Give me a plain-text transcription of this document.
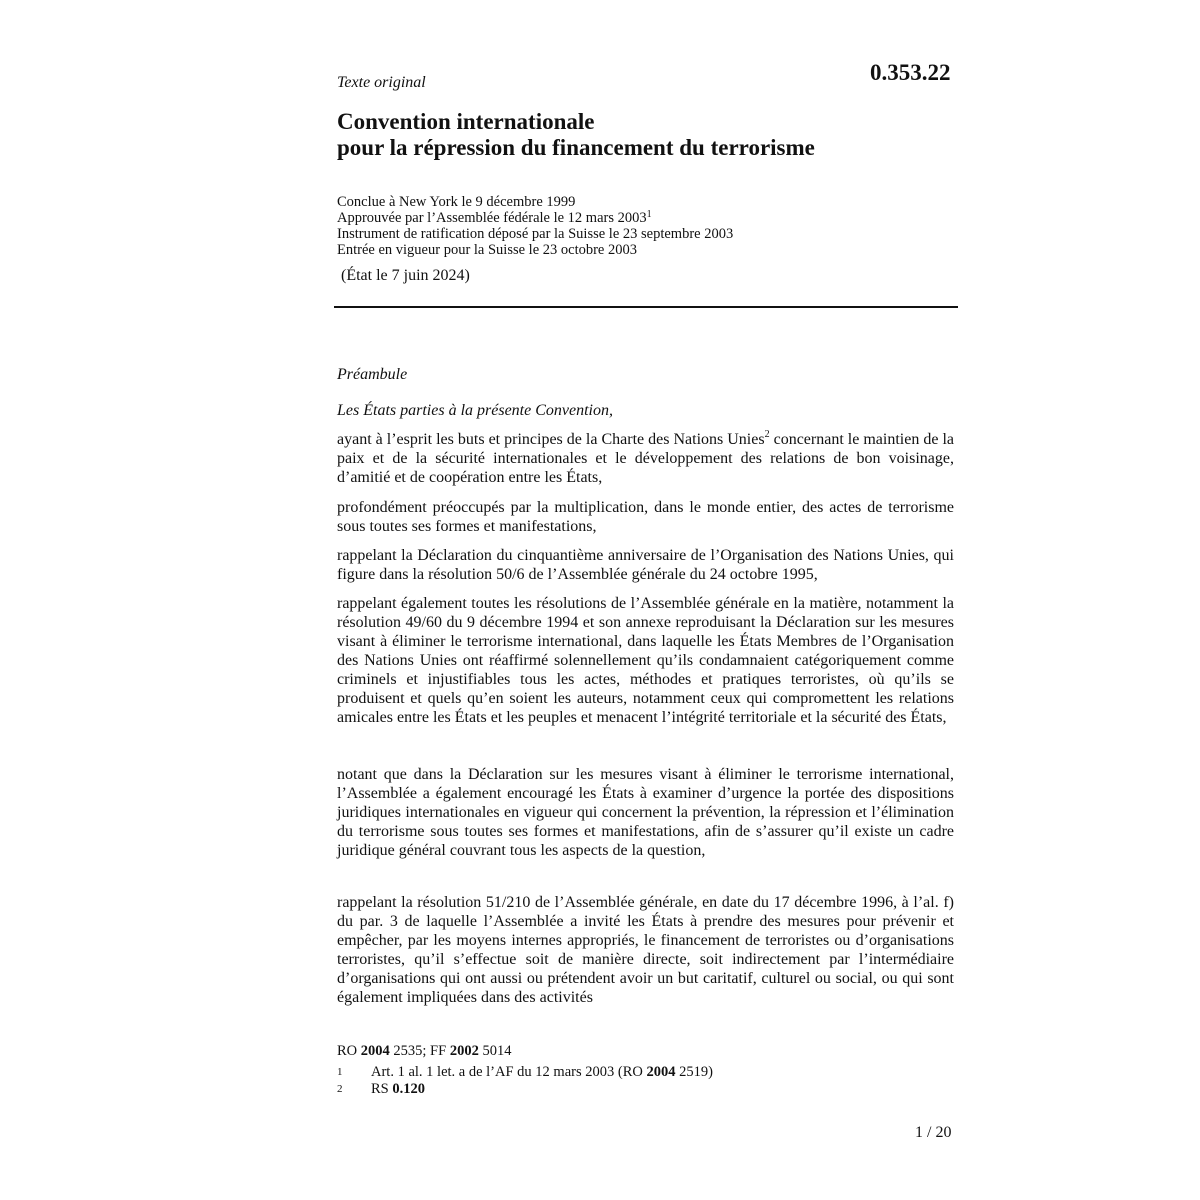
0.353.22
Texte original
Convention internationale
pour la répression du financement du terrorisme
Conclue à New York le 9 décembre 1999
Approuvée par l’Assemblée fédérale le 12 mars 2003$^1$
Instrument de ratification déposé par la Suisse le 23 septembre 2003
Entrée en vigueur pour la Suisse le 23 octobre 2003
(État le 7 juin 2024)
Préambule
Les États parties à la présente Convention,
ayant à l’esprit les buts et principes de la Charte des Nations Unies$^2$ concernant le maintien de la paix et de la sécurité internationales et le développement des relations de bon voisinage, d’amitié et de coopération entre les États,
profondément préoccupés par la multiplication, dans le monde entier, des actes de terrorisme sous toutes ses formes et manifestations,
rappelant la Déclaration du cinquantième anniversaire de l’Organisation des Nations Unies, qui figure dans la résolution 50/6 de l’Assemblée générale du 24 octobre 1995,
rappelant également toutes les résolutions de l’Assemblée générale en la matière, notamment la résolution 49/60 du 9 décembre 1994 et son annexe reproduisant la Déclaration sur les mesures visant à éliminer le terrorisme international, dans laquelle les États Membres de l’Organisation des Nations Unies ont réaffirmé solennellement qu’ils condamnaient catégoriquement comme criminels et injustifiables tous les actes, méthodes et pratiques terroristes, où qu’ils se produisent et quels qu’en soient les auteurs, notamment ceux qui compromettent les relations amicales entre les États et les peuples et menacent l’intégrité territoriale et la sécurité des États,
notant que dans la Déclaration sur les mesures visant à éliminer le terrorisme international, l’Assemblée a également encouragé les États à examiner d’urgence la portée des dispositions juridiques internationales en vigueur qui concernent la prévention, la répression et l’élimination du terrorisme sous toutes ses formes et manifestations, afin de s’assurer qu’il existe un cadre juridique général couvrant tous les aspects de la question,
rappelant la résolution 51/210 de l’Assemblée générale, en date du 17 décembre 1996, à l’al. f) du par. 3 de laquelle l’Assemblée a invité les États à prendre des mesures pour prévenir et empêcher, par les moyens internes appropriés, le financement de terroristes ou d’organisations terroristes, qu’il s’effectue soit de manière directe, soit indirectement par l’intermédiaire d’organisations qui ont aussi ou prétendent avoir un but caritatif, culturel ou social, ou qui sont également impliquées dans des activités
RO 2004 2535; FF 2002 5014
1 Art. 1 al. 1 let. a de l’AF du 12 mars 2003 (RO 2004 2519)
2 RS 0.120
1 / 20
